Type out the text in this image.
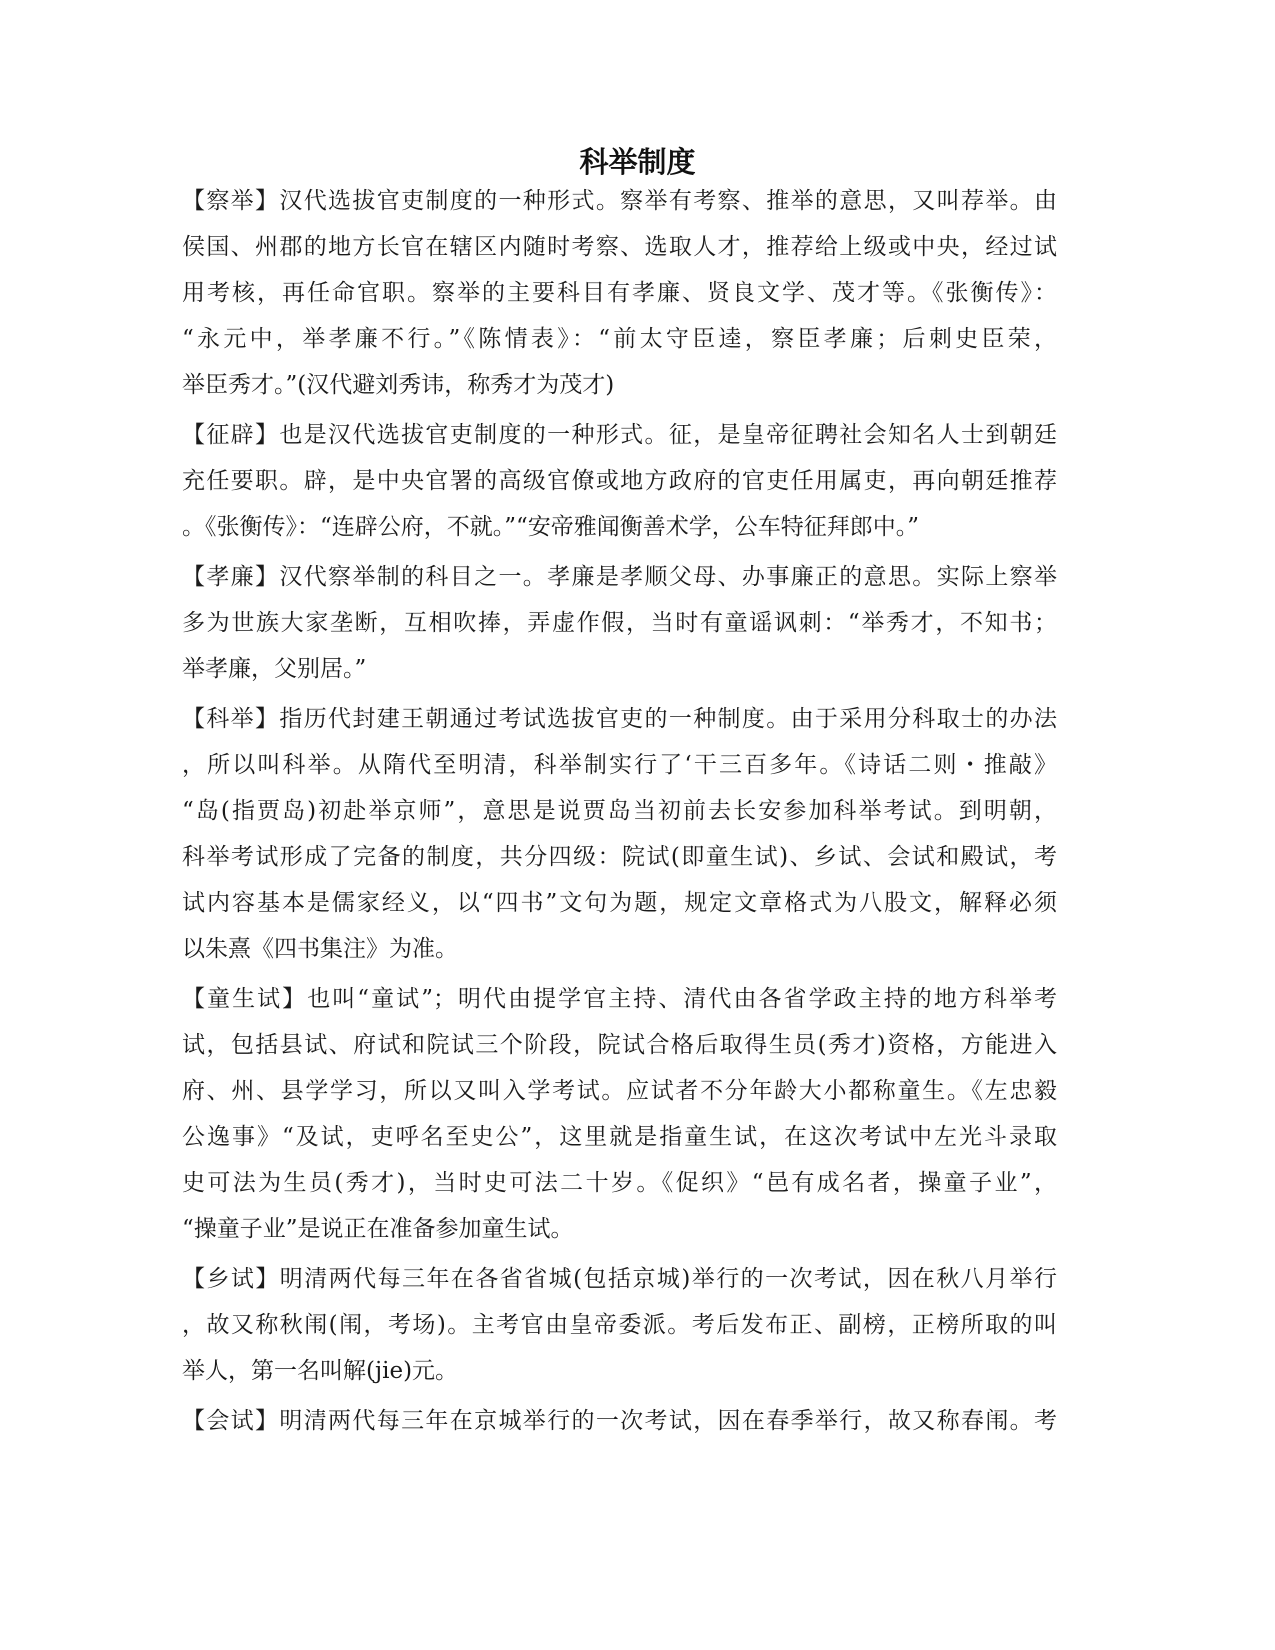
科举制度
【察举】汉代选拔官吏制度的一种形式。察举有考察、推举的意思，又叫荐举。由
侯国、州郡的地方长官在辖区内随时考察、选取人才，推荐给上级或中央，经过试
用考核，再任命官职。察举的主要科目有孝廉、贤良文学、茂才等。《张衡传》：
“永元中，举孝廉不行。”《陈情表》：“前太守臣逵，察臣孝廉；后刺史臣荣，
举臣秀才。”(汉代避刘秀讳，称秀才为茂才)
【征辟】也是汉代选拔官吏制度的一种形式。征，是皇帝征聘社会知名人士到朝廷
充任要职。辟，是中央官署的高级官僚或地方政府的官吏任用属吏，再向朝廷推荐
。《张衡传》：“连辟公府，不就。”“安帝雅闻衡善术学，公车特征拜郎中。”
【孝廉】汉代察举制的科目之一。孝廉是孝顺父母、办事廉正的意思。实际上察举
多为世族大家垄断，互相吹捧，弄虚作假，当时有童谣讽刺：“举秀才，不知书；
举孝廉，父别居。”
【科举】指历代封建王朝通过考试选拔官吏的一种制度。由于采用分科取士的办法
，所以叫科举。从隋代至明清，科举制实行了‘干三百多年。《诗话二则・推敲》
“岛(指贾岛)初赴举京师”，意思是说贾岛当初前去长安参加科举考试。到明朝，
科举考试形成了完备的制度，共分四级：院试(即童生试)、乡试、会试和殿试，考
试内容基本是儒家经义，以“四书”文句为题，规定文章格式为八股文，解释必须
以朱熹《四书集注》为准。
【童生试】也叫“童试”；明代由提学官主持、清代由各省学政主持的地方科举考
试，包括县试、府试和院试三个阶段，院试合格后取得生员(秀才)资格，方能进入
府、州、县学学习，所以又叫入学考试。应试者不分年龄大小都称童生。《左忠毅
公逸事》“及试，吏呼名至史公”，这里就是指童生试，在这次考试中左光斗录取
史可法为生员(秀才)，当时史可法二十岁。《促织》“邑有成名者，操童子业”，
“操童子业”是说正在准备参加童生试。
【乡试】明清两代每三年在各省省城(包括京城)举行的一次考试，因在秋八月举行
，故又称秋闱(闱，考场)。主考官由皇帝委派。考后发布正、副榜，正榜所取的叫
举人，第一名叫解(jie)元。
【会试】明清两代每三年在京城举行的一次考试，因在春季举行，故又称春闱。考
